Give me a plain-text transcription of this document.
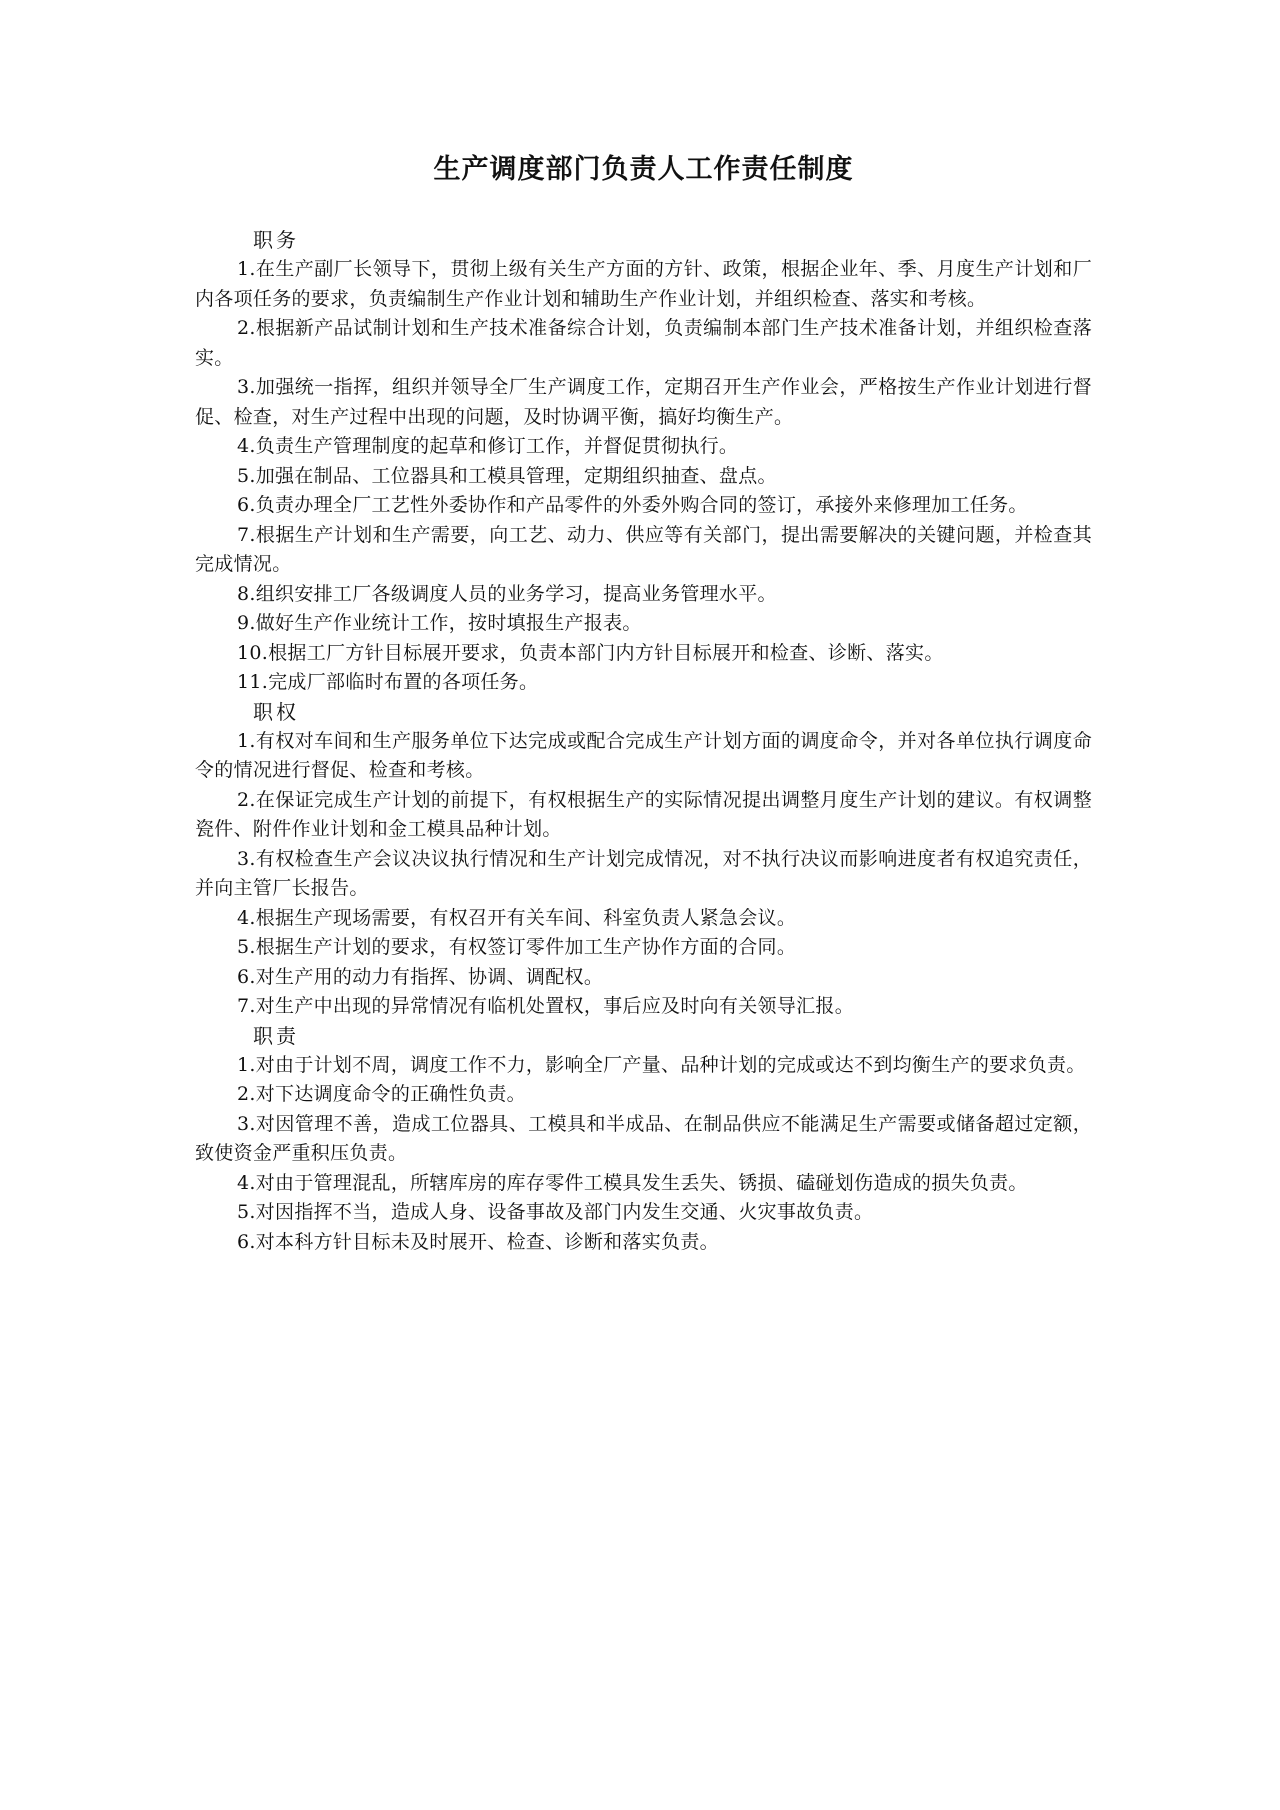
生产调度部门负责人工作责任制度
职务

1.在生产副厂长领导下，贯彻上级有关生产方面的方针、政策，根据企业年、季、月度生产计划和厂内各项任务的要求，负责编制生产作业计划和辅助生产作业计划，并组织检查、落实和考核。

2.根据新产品试制计划和生产技术准备综合计划，负责编制本部门生产技术准备计划，并组织检查落实。

3.加强统一指挥，组织并领导全厂生产调度工作，定期召开生产作业会，严格按生产作业计划进行督促、检查，对生产过程中出现的问题，及时协调平衡，搞好均衡生产。

4.负责生产管理制度的起草和修订工作，并督促贯彻执行。

5.加强在制品、工位器具和工模具管理，定期组织抽查、盘点。

6.负责办理全厂工艺性外委协作和产品零件的外委外购合同的签订，承接外来修理加工任务。

7.根据生产计划和生产需要，向工艺、动力、供应等有关部门，提出需要解决的关键问题，并检查其完成情况。

8.组织安排工厂各级调度人员的业务学习，提高业务管理水平。

9.做好生产作业统计工作，按时填报生产报表。

10.根据工厂方针目标展开要求，负责本部门内方针目标展开和检查、诊断、落实。

11.完成厂部临时布置的各项任务。

职权

1.有权对车间和生产服务单位下达完成或配合完成生产计划方面的调度命令，并对各单位执行调度命令的情况进行督促、检查和考核。

2.在保证完成生产计划的前提下，有权根据生产的实际情况提出调整月度生产计划的建议。有权调整瓷件、附件作业计划和金工模具品种计划。

3.有权检查生产会议决议执行情况和生产计划完成情况，对不执行决议而影响进度者有权追究责任，并向主管厂长报告。

4.根据生产现场需要，有权召开有关车间、科室负责人紧急会议。

5.根据生产计划的要求，有权签订零件加工生产协作方面的合同。

6.对生产用的动力有指挥、协调、调配权。

7.对生产中出现的异常情况有临机处置权，事后应及时向有关领导汇报。

职责

1.对由于计划不周，调度工作不力，影响全厂产量、品种计划的完成或达不到均衡生产的要求负责。

2.对下达调度命令的正确性负责。

3.对因管理不善，造成工位器具、工模具和半成品、在制品供应不能满足生产需要或储备超过定额，致使资金严重积压负责。

4.对由于管理混乱，所辖库房的库存零件工模具发生丢失、锈损、磕碰划伤造成的损失负责。

5.对因指挥不当，造成人身、设备事故及部门内发生交通、火灾事故负责。

6.对本科方针目标未及时展开、检查、诊断和落实负责。
